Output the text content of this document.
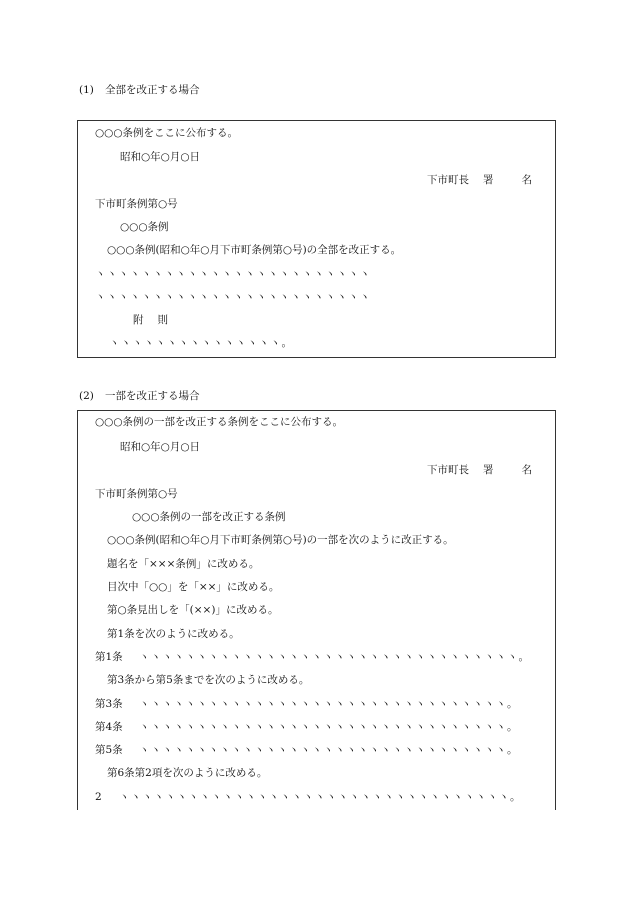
(1) 全部を改正する場合
○○○条例をここに公布する。
昭和○年○月○日
下市町長 署	名
下市町条例第○号
○○○条例
○○○条例(昭和○年○月下市町条例第○号)の全部を改正する。
ヽヽヽヽヽヽヽヽヽヽヽヽヽヽヽヽヽヽヽヽヽヽヽヽ
ヽヽヽヽヽヽヽヽヽヽヽヽヽヽヽヽヽヽヽヽヽヽヽヽ
附 則
ヽヽヽヽヽヽヽヽヽヽヽヽヽヽヽ。
(2) 一部を改正する場合
○○○条例の一部を改正する条例をここに公布する。
昭和○年○月○日
下市町長 署	名
下市町条例第○号
○○○条例の一部を改正する条例
○○○条例(昭和○年○月下市町条例第○号)の一部を次のように改正する。
題名を「×××条例」に改める。
目次中「○○」を「××」に改める。
第○条見出しを「(××)」に改める。
第1条を次のように改める。
第1条 ヽヽヽヽヽヽヽヽヽヽヽヽヽヽヽヽヽヽヽヽヽヽヽヽヽヽヽヽヽヽヽヽヽ。
第3条から第5条までを次のように改める。
第3条 ヽヽヽヽヽヽヽヽヽヽヽヽヽヽヽヽヽヽヽヽヽヽヽヽヽヽヽヽヽヽヽヽ。
第4条 ヽヽヽヽヽヽヽヽヽヽヽヽヽヽヽヽヽヽヽヽヽヽヽヽヽヽヽヽヽヽヽヽ。
第5条 ヽヽヽヽヽヽヽヽヽヽヽヽヽヽヽヽヽヽヽヽヽヽヽヽヽヽヽヽヽヽヽヽ。
第6条第2項を次のように改める。
2 ヽヽヽヽヽヽヽヽヽヽヽヽヽヽヽヽヽヽヽヽヽヽヽヽヽヽヽヽヽヽヽヽヽヽ。
